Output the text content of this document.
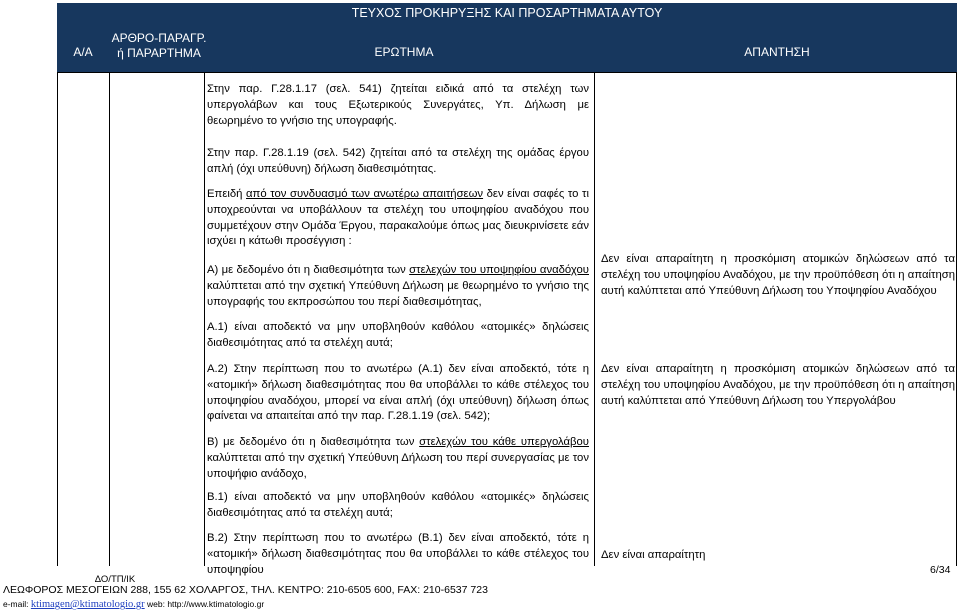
ΤΕΥΧΟΣ ΠΡΟΚΗΡΥΞΗΣ ΚΑΙ ΠΡΟΣΑΡΤΗΜΑΤΑ ΑΥΤΟΥ
Α/Α
ΑΡΘΡΟ-ΠΑΡΑΓΡ. ή ΠΑΡΑΡΤΗΜΑ	ΕΡΩΤΗΜΑ	ΑΠΑΝΤΗΣΗ
Στην παρ. Γ.28.1.17 (σελ. 541) ζητείται ειδικά από τα στελέχη των υπεργολάβων και τους Εξωτερικούς Συνεργάτες, Υπ. Δήλωση με θεωρημένο το γνήσιο της υπογραφής.
Στην παρ. Γ.28.1.19 (σελ. 542) ζητείται από τα στελέχη της ομάδας έργου απλή (όχι υπεύθυνη) δήλωση διαθεσιμότητας.
Επειδή από τον συνδυασμό των ανωτέρω απαιτήσεων δεν είναι σαφές το τι υποχρεούνται να υποβάλλουν τα στελέχη του υποψηφίου αναδόχου που συμμετέχουν στην Ομάδα Έργου, παρακαλούμε όπως μας διευκρινίσετε εάν ισχύει η κάτωθι προσέγγιση :
Α) με δεδομένο ότι η διαθεσιμότητα των στελεχών του υποψηφίου αναδόχου καλύπτεται από την σχετική Υπεύθυνη Δήλωση με θεωρημένο το γνήσιο της υπογραφής του εκπροσώπου του περί διαθεσιμότητας,
Α.1) είναι αποδεκτό να μην υποβληθούν καθόλου «ατομικές» δηλώσεις διαθεσιμότητας από τα στελέχη αυτά;
Α.2) Στην περίπτωση που το ανωτέρω (Α.1) δεν είναι αποδεκτό, τότε η «ατομική» δήλωση διαθεσιμότητας που θα υποβάλλει το κάθε στέλεχος του υποψηφίου αναδόχου, μπορεί να είναι απλή (όχι υπεύθυνη) δήλωση όπως φαίνεται να απαιτείται από την παρ. Γ.28.1.19 (σελ. 542);
Β) με δεδομένο ότι η διαθεσιμότητα των στελεχών του κάθε υπεργολάβου καλύπτεται από την σχετική Υπεύθυνη Δήλωση του περί συνεργασίας με τον υποψήφιο ανάδοχο,
Β.1) είναι αποδεκτό να μην υποβληθούν καθόλου «ατομικές» δηλώσεις διαθεσιμότητας από τα στελέχη αυτά;
Β.2) Στην περίπτωση που το ανωτέρω (Β.1) δεν είναι αποδεκτό, τότε η «ατομική» δήλωση διαθεσιμότητας που θα υποβάλλει το κάθε στέλεχος του υποψηφίου
Δεν είναι απαραίτητη η προσκόμιση ατομικών δηλώσεων από τα στελέχη του υποψηφίου Αναδόχου, με την προϋπόθεση ότι η απαίτηση αυτή καλύπτεται από Υπεύθυνη Δήλωση του Υποψηφίου Αναδόχου
Δεν είναι απαραίτητη η προσκόμιση ατομικών δηλώσεων από τα στελέχη του υποψηφίου Αναδόχου, με την προϋπόθεση ότι η απαίτηση αυτή καλύπτεται από Υπεύθυνη Δήλωση του Υπεργολάβου
Δεν είναι απαραίτητη
6/34
ΔΟ/ΤΠ/ΙΚ
ΛΕΩΦΟΡΟΣ ΜΕΣΟΓΕΙΩΝ 288, 155 62 ΧΟΛΑΡΓΟΣ, ΤΗΛ. ΚΕΝΤΡΟ: 210-6505 600, FAX: 210-6537 723
e-mail: ktimagen@ktimatologio.gr web: http://www.ktimatologio.gr
